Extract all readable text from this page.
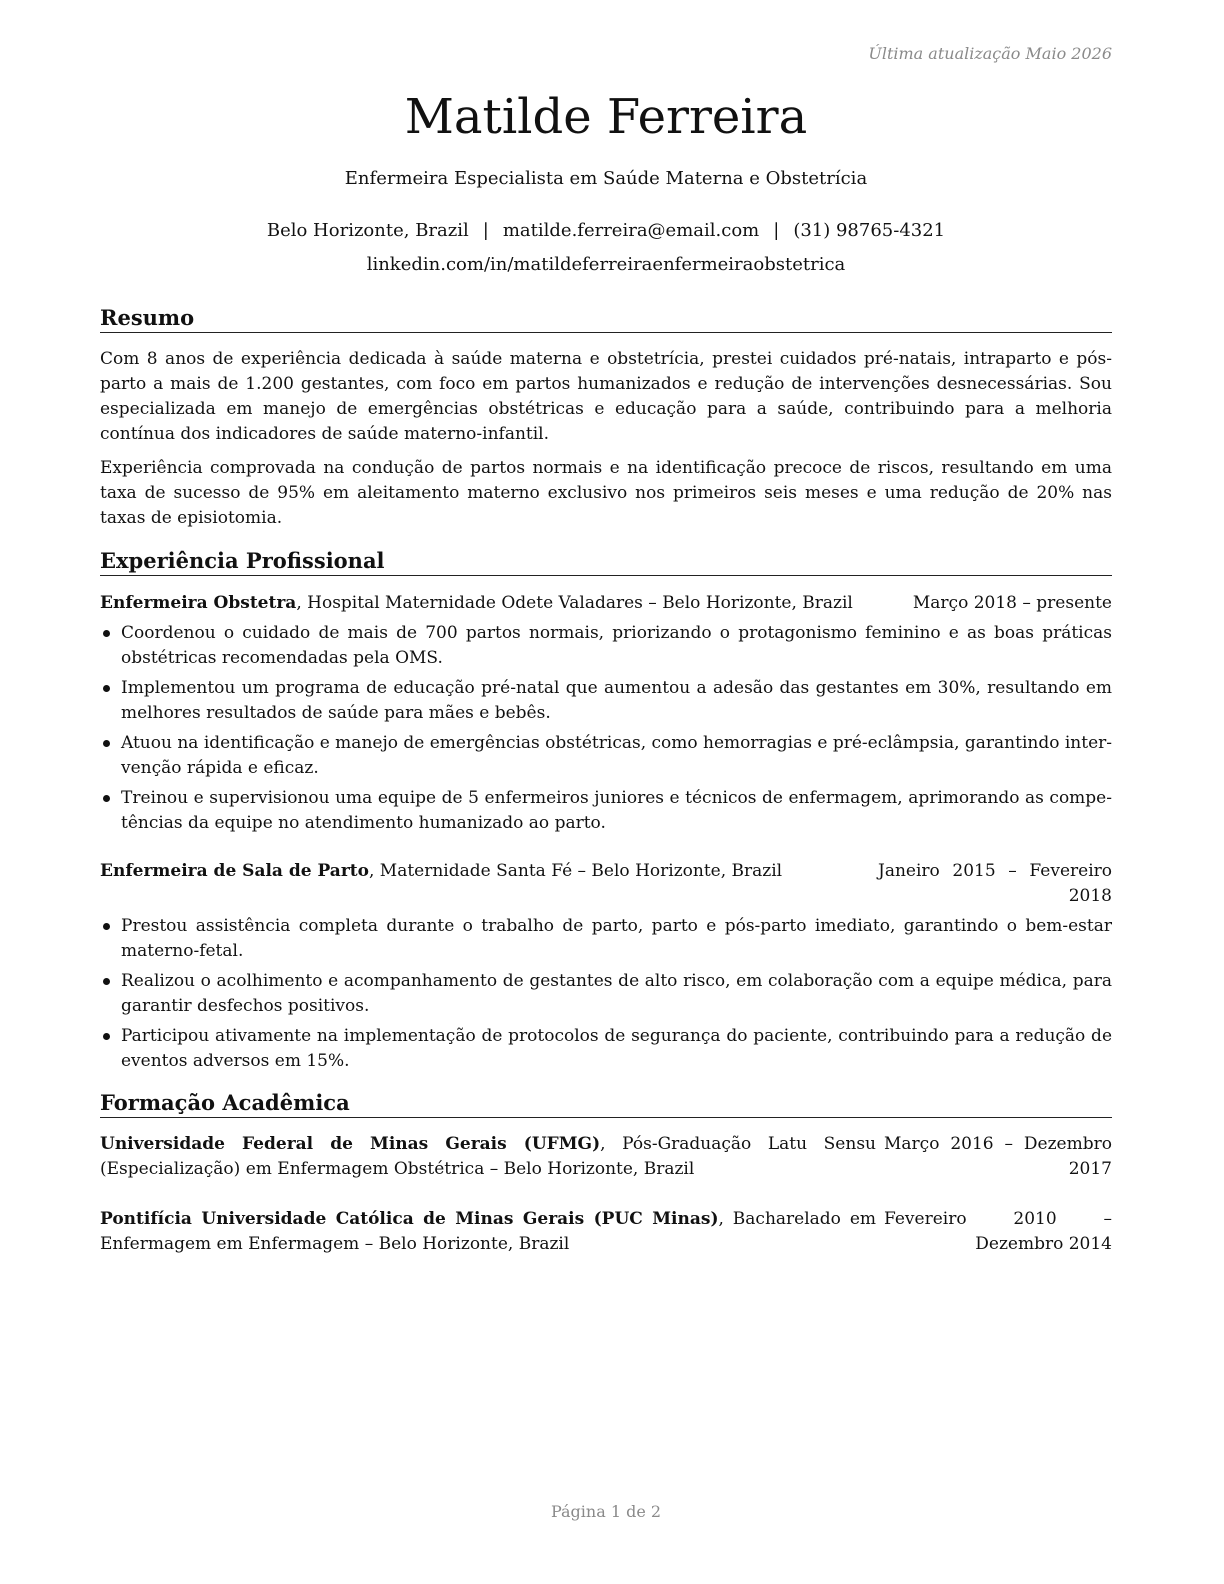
Última atualização Maio 2026
Matilde Ferreira
Enfermeira Especialista em Saúde Materna e Obstetrícia
Belo Horizonte, Brazil | matilde.ferreira@email.com | (31) 98765-4321
linkedin.com/in/matildeferreiraenfermeiraobstetrica
Resumo
Com 8 anos de experiência dedicada à saúde materna e obstetrícia, prestei cuidados pré-natais, intraparto e pós-parto a mais de 1.200 gestantes, com foco em partos humanizados e redução de intervenções desnecessárias. Sou especializada em manejo de emergências obstétricas e educação para a saúde, contribuindo para a melhoria contínua dos indicadores de saúde materno-infantil.
Experiência comprovada na condução de partos normais e na identificação precoce de riscos, resultando em uma taxa de sucesso de 95% em aleitamento materno exclusivo nos primeiros seis meses e uma redução de 20% nas taxas de episiotomia.
Experiência Profissional
Enfermeira Obstetra, Hospital Maternidade Odete Valadares – Belo Horizonte, Brazil	Março 2018 – presente
Coordenou o cuidado de mais de 700 partos normais, priorizando o protagonismo feminino e as boas práticas obstétricas recomendadas pela OMS.
Implementou um programa de educação pré-natal que aumentou a adesão das gestantes em 30%, resultando em melhores resultados de saúde para mães e bebês.
Atuou na identificação e manejo de emergências obstétricas, como hemorragias e pré-eclâmpsia, garantindo intervenção rápida e eficaz.
Treinou e supervisionou uma equipe de 5 enfermeiros juniores e técnicos de enfermagem, aprimorando as competências da equipe no atendimento humanizado ao parto.
Enfermeira de Sala de Parto, Maternidade Santa Fé – Belo Horizonte, Brazil	Janeiro 2015 – Fevereiro 2018
Prestou assistência completa durante o trabalho de parto, parto e pós-parto imediato, garantindo o bem-estar materno-fetal.
Realizou o acolhimento e acompanhamento de gestantes de alto risco, em colaboração com a equipe médica, para garantir desfechos positivos.
Participou ativamente na implementação de protocolos de segurança do paciente, contribuindo para a redução de eventos adversos em 15%.
Formação Acadêmica
Universidade Federal de Minas Gerais (UFMG), Pós-Graduação Latu Sensu (Especialização) em Enfermagem Obstétrica – Belo Horizonte, Brazil
Março 2016 – Dezembro 2017
Pontifícia Universidade Católica de Minas Gerais (PUC Minas), Bacharelado em Enfermagem em Enfermagem – Belo Horizonte, Brazil
Fevereiro 2010 – Dezembro 2014
Página 1 de 2
